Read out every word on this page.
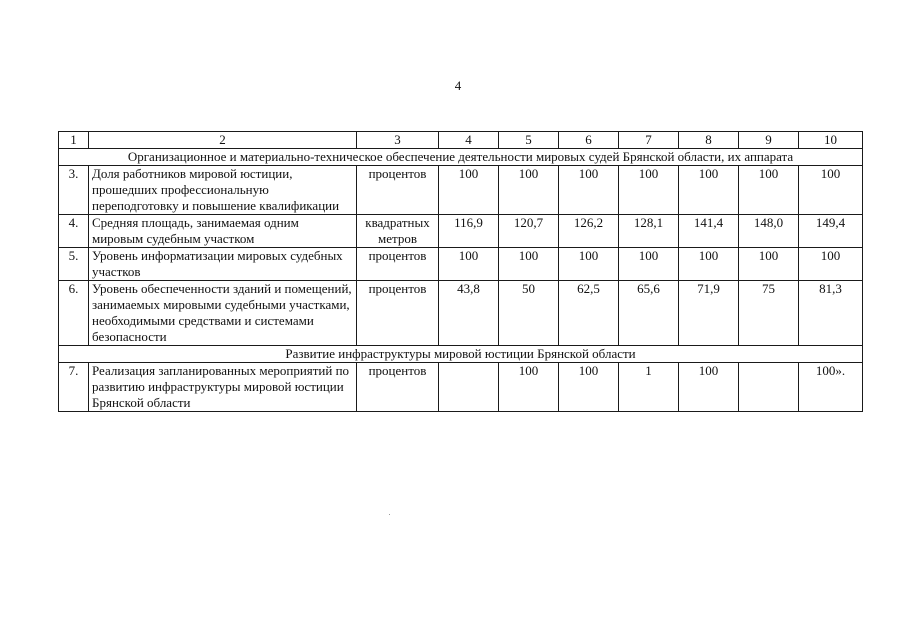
4
1	2	3	4	5	6	7	8	9	10
Организационное и материально-техническое обеспечение деятельности мировых судей Брянской области, их аппарата									
3.	Доля работников мировой юстиции, прошедших профессиональную переподготовку и повышение квалификации	процентов	100	100	100	100	100	100	100
4.	Средняя площадь, занимаемая одним мировым судебным участком	квадратных метров	116,9	120,7	126,2	128,1	141,4	148,0	149,4
5.	Уровень информатизации мировых судебных участков	процентов	100	100	100	100	100	100	100
6.	Уровень обеспеченности зданий и помещений, занимаемых мировыми судебными участками, необходимыми средствами и системами безопасности	процентов	43,8	50	62,5	65,6	71,9	75	81,3
Развитие инфраструктуры мировой юстиции Брянской области									
7.	Реализация запланированных мероприятий по развитию инфраструктуры мировой юстиции Брянской области	процентов		100	100	1	100		100».
